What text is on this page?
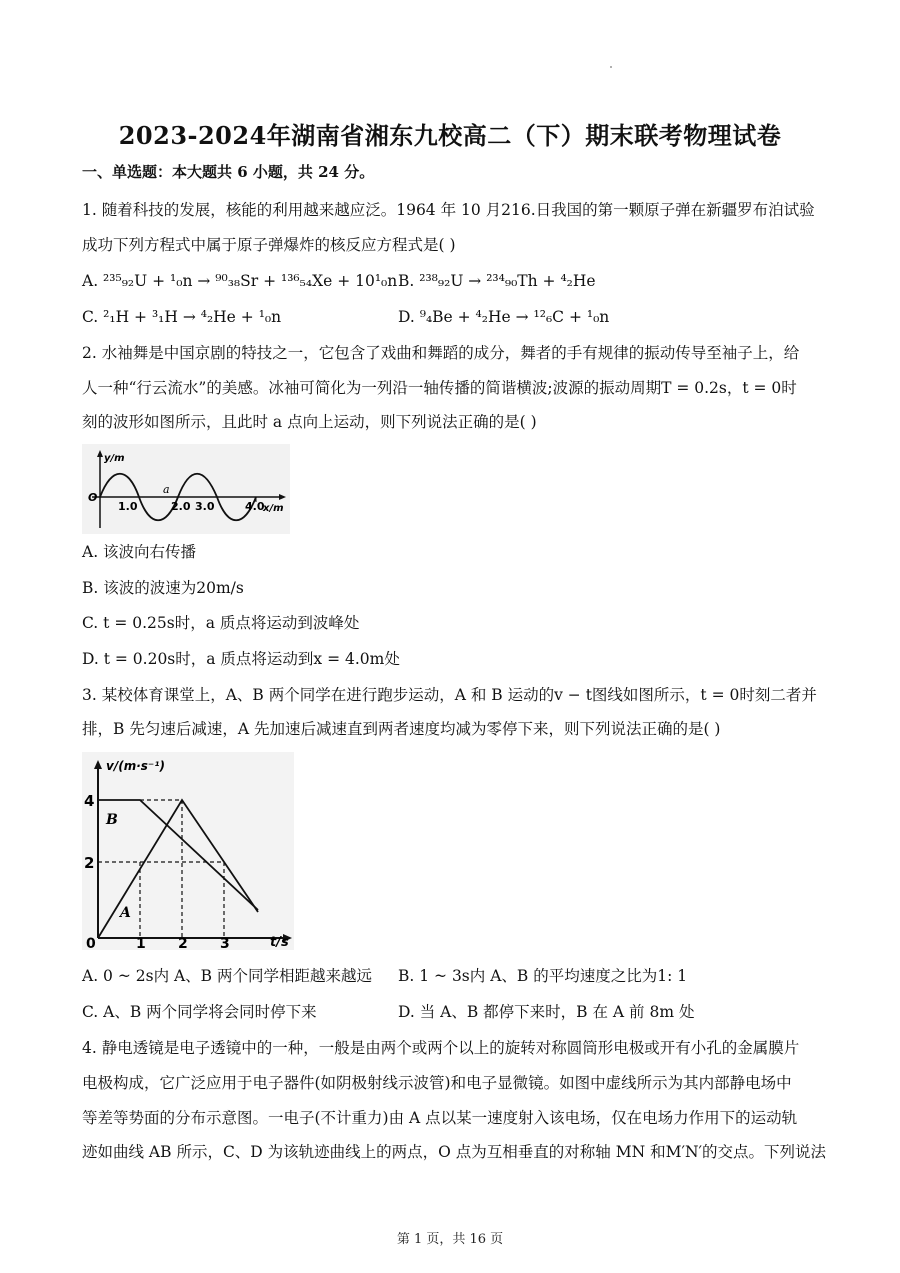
2023-2024年湖南省湘东九校高二（下）期末联考物理试卷
一、单选题：本大题共 6 小题，共 24 分。
1. 随着科技的发展，核能的利用越来越应泛。1964 年 10 月216.日我国的第一颗原子弹在新疆罗布泊试验
成功下列方程式中属于原子弹爆炸的核反应方程式是( )
A. ²³⁵₉₂U + ¹₀n → ⁹⁰₃₈Sr + ¹³⁶₅₄Xe + 10¹₀n B. ²³⁸₉₂U → ²³⁴₉₀Th + ⁴₂He
C. ²₁H + ³₁H → ⁴₂He + ¹₀n	D. ⁹₄Be + ⁴₂He → ¹²₆C + ¹₀n
2. 水袖舞是中国京剧的特技之一，它包含了戏曲和舞蹈的成分，舞者的手有规律的振动传导至袖子上，给
人一种“行云流水”的美感。冰袖可简化为一列沿一轴传播的简谐横波;波源的振动周期T = 0.2s，t = 0时
刻的波形如图所示，且此时 a 点向上运动，则下列说法正确的是( )
y/m
O
a
1.0	2.0 3.0	4.0
x/m
A. 该波向右传播
B. 该波的波速为20m/s
C. t = 0.25s时，a 质点将运动到波峰处
D. t = 0.20s时，a 质点将运动到x = 4.0m处
3. 某校体育课堂上，A、B 两个同学在进行跑步运动，A 和 B 运动的v − t图线如图所示，t = 0时刻二者并
排，B 先匀速后减速，A 先加速后减速直到两者速度均减为零停下来，则下列说法正确的是( )
v/(m·s⁻¹)
B
A
4
2
0	1 2 3	t/s
A. 0 ~ 2s内 A、B 两个同学相距越来越远 B. 1 ~ 3s内 A、B 的平均速度之比为1: 1
C. A、B 两个同学将会同时停下来	D. 当 A、B 都停下来时，B 在 A 前 8m 处
4. 静电透镜是电子透镜中的一种，一般是由两个或两个以上的旋转对称圆筒形电极或开有小孔的金属膜片
电极构成，它广泛应用于电子器件(如阴极射线示波管)和电子显微镜。如图中虚线所示为其内部静电场中
等差等势面的分布示意图。一电子(不计重力)由 A 点以某一速度射入该电场，仅在电场力作用下的运动轨
迹如曲线 AB 所示，C、D 为该轨迹曲线上的两点，O 点为互相垂直的对称轴 MN 和M′N′的交点。下列说法
第 1 页，共 16 页
